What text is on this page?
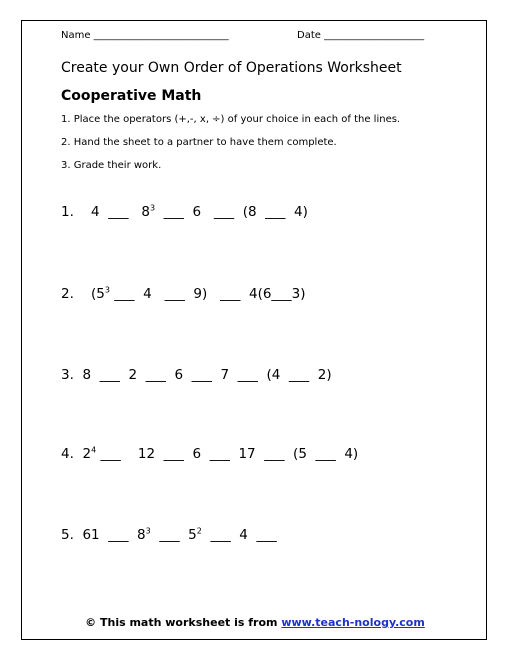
Name ___________________________	Date ____________________
Create your Own Order of Operations Worksheet
Cooperative Math
1. Place the operators (+,-, x, ÷) of your choice in each of the lines.
2. Hand the sheet to a partner to have them complete.
3. Grade their work.
1.    4  ___   $8^3$  ___  6   ___  (8  ___  4)
2.    ($5^3$ ___  4   ___  9)   ___  4(6___3)
3.  8  ___  2  ___  6  ___  7  ___  (4  ___  2)
4.  $2^4$ ___    12  ___  6  ___  17  ___  (5  ___  4)
5.  61  ___  $8^3$  ___  $5^2$  ___  4  ___
© This math worksheet is from www.teach-nology.com
